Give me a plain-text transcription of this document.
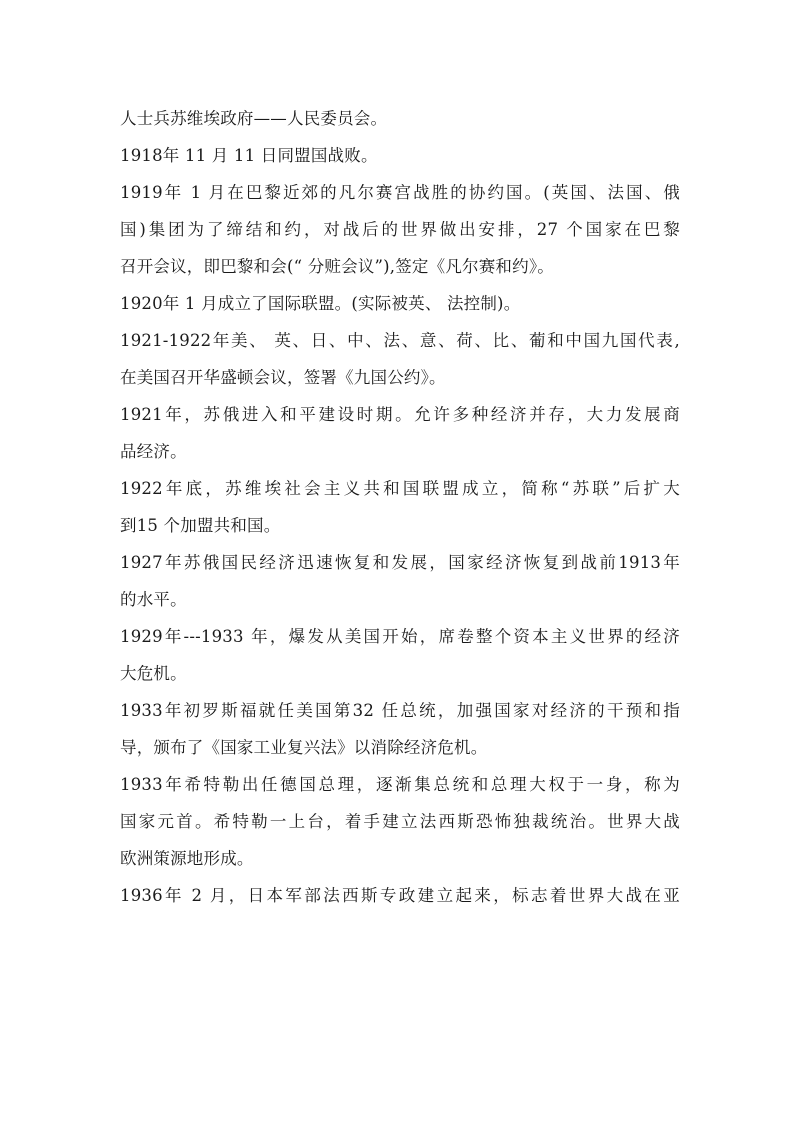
人士兵苏维埃政府——人民委员会。
1918年 11 月 11 日同盟国战败。
1919年 1 月在巴黎近郊的凡尔赛宫战胜的协约国。(英国、法国、俄
国)集团为了缔结和约，对战后的世界做出安排，27 个国家在巴黎
召开会议，即巴黎和会(“ 分赃会议”),签定《凡尔赛和约》。
1920年 1 月成立了国际联盟。(实际被英、 法控制)。
1921-1922年美、 英、日、中、法、意、荷、比、葡和中国九国代表,
在美国召开华盛顿会议，签署《九国公约》。
1921年，苏俄进入和平建设时期。允许多种经济并存，大力发展商
品经济。
1922年底，苏维埃社会主义共和国联盟成立，简称“苏联”后扩大
到15 个加盟共和国。
1927年苏俄国民经济迅速恢复和发展，国家经济恢复到战前1913年
的水平。
1929年---1933 年，爆发从美国开始，席卷整个资本主义世界的经济
大危机。
1933年初罗斯福就任美国第32 任总统，加强国家对经济的干预和指
导，颁布了《国家工业复兴法》以消除经济危机。
1933年希特勒出任德国总理，逐渐集总统和总理大权于一身，称为
国家元首。希特勒一上台，着手建立法西斯恐怖独裁统治。世界大战
欧洲策源地形成。
1936年 2 月，日本军部法西斯专政建立起来，标志着世界大战在亚
